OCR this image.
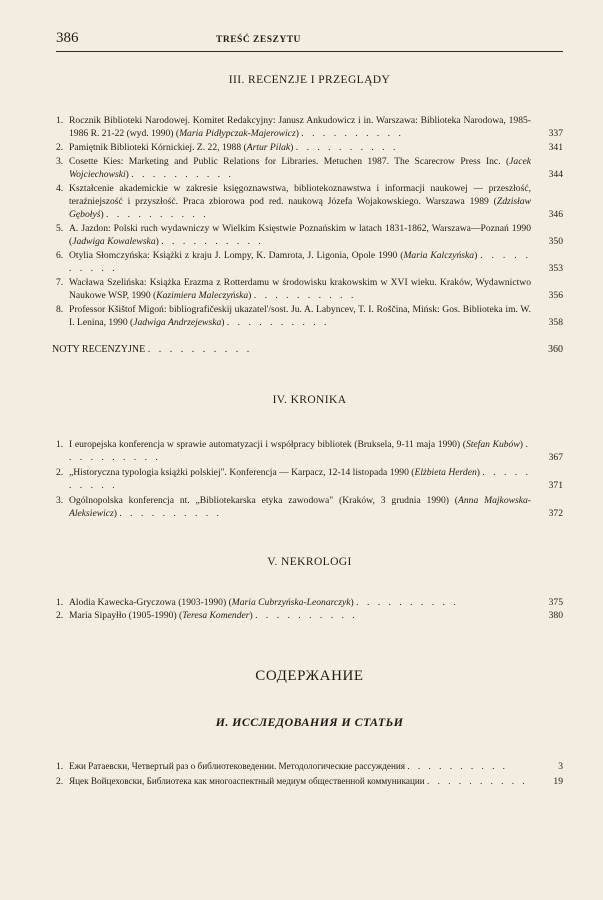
386	TREŚĆ ZESZYTU
III. RECENZJE I PRZEGLĄDY
1. Rocznik Biblioteki Narodowej. Komitet Redakcyjny: Janusz Ankudowicz i in. Warszawa: Biblioteka Narodowa, 1985-1986 R. 21-22 (wyd. 1990) (Maria Pidłypczak-Majerowicz) . . . . . . . . . .	337
2. Pamiętnik Biblioteki Kórnickiej. Z. 22, 1988 (Artur Pilak) . . . . . . . . . .	341
3. Cosette Kies: Marketing and Public Relations for Libraries. Metuchen 1987. The Scarecrow Press Inc. (Jacek Wojciechowski) . . . . . . . . . .	344
4. Kształcenie akademickie w zakresie księgoznawstwa, bibliotekoznawstwa i informacji naukowej — przeszłość, teraźniejszość i przyszłość. Praca zbiorowa pod red. naukową Józefa Wojakowskiego. Warszawa 1989 (Zdzisław Gębołyś) . . . . . . . . . .	346
5. A. Jazdon: Polski ruch wydawniczy w Wielkim Księstwie Poznańskim w latach 1831-1862, Warszawa—Poznań 1990 (Jadwiga Kowalewska) . . . . . . . . . .	350
6. Otylia Słomczyńska: Książki z kraju J. Lompy, K. Damrota, J. Ligonia, Opole 1990 (Maria Kalczyńska) . . . . . . . . . .	353
7. Wacława Szelińska: Książka Erazma z Rotterdamu w środowisku krakowskim w XVI wieku. Kraków, Wydawnictwo Naukowe WSP, 1990 (Kazimiera Maleczyńska) . . . . . . . . . .	356
8. Professor Kšištof Migoń: bibliografičeskij ukazatel'/sost. Ju. A. Labyncev, T. I. Roščina, Mińsk: Gos. Biblioteka im. W. I. Lenina, 1990 (Jadwiga Andrzejewska) . . . . . . . . . .	358
NOTY RECENZYJNE . . . . . . . . . .	360
IV. KRONIKA
1. I europejska konferencja w sprawie automatyzacji i współpracy bibliotek (Bruksela, 9-11 maja 1990) (Stefan Kubów) . . . . . . . . . .	367
2. „Historyczna typologia książki polskiej". Konferencja — Karpacz, 12-14 listopada 1990 (Elżbieta Herden) . . . . . . . . . .	371
3. Ogólnopolska konferencja nt. „Bibliotekarska etyka zawodowa" (Kraków, 3 grudnia 1990) (Anna Majkowska-Aleksiewicz) . . . . . . . . . .	372
V. NEKROLOGI
1. Alodia Kawecka-Gryczowa (1903-1990) (Maria Cubrzyńska-Leonarczyk) . . . . . . . . . .	375
2. Maria Sipayłło (1905-1990) (Teresa Komender) . . . . . . . . . .	380
СОДЕРЖАНИЕ
И. ИССЛЕДОВАНИЯ И СТАТЬИ
1. Ежи Ратаевски, Четвертый раз о библиотековедении. Методологические рассуждения . . . . . . . . . .	3
2. Яцек Войцеховски, Библиотека как многоаспектный медиум общественной коммуникации . . . . . . . . . .	19
